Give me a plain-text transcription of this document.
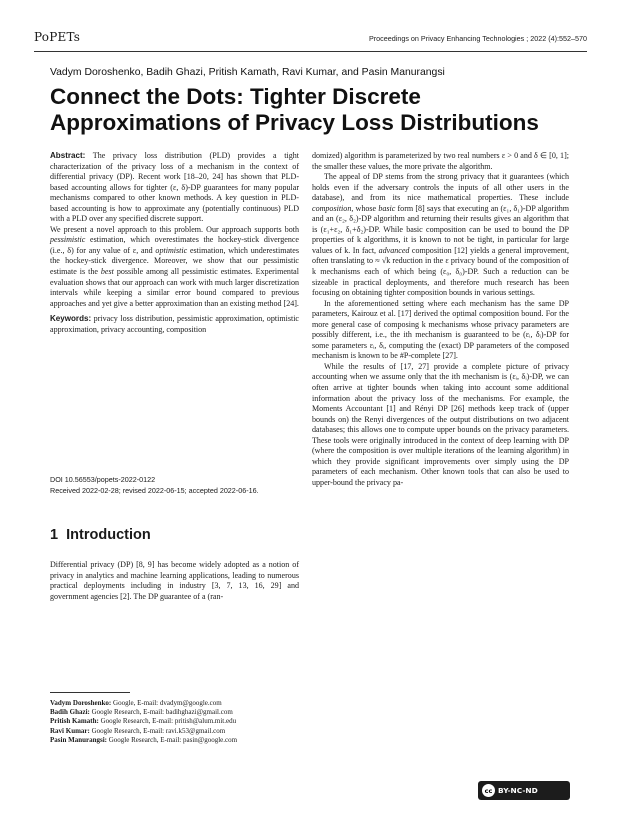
PoPETs	Proceedings on Privacy Enhancing Technologies ; 2022 (4):552–570
Vadym Doroshenko, Badih Ghazi, Pritish Kamath, Ravi Kumar, and Pasin Manurangsi
Connect the Dots: Tighter Discrete Approximations of Privacy Loss Distributions

Abstract: The privacy loss distribution (PLD) provides a tight characterization of the privacy loss of a mechanism in the context of differential privacy (DP). Recent work [18–20, 24] has shown that PLD-based accounting allows for tighter (ε, δ)-DP guarantees for many popular mechanisms compared to other known methods. A key question in PLD-based accounting is how to approximate any (potentially continuous) PLD with a PLD over any specified discrete support.

We present a novel approach to this problem. Our approach supports both pessimistic estimation, which overestimates the hockey-stick divergence (i.e., δ) for any value of ε, and optimistic estimation, which underestimates the hockey-stick divergence. Moreover, we show that our pessimistic estimate is the best possible among all pessimistic estimates. Experimental evaluation shows that our approach can work with much larger discretization intervals while keeping a similar error bound compared to previous approaches and yet give a better approximation than an existing method [24].

Keywords: privacy loss distribution, pessimistic approximation, optimistic approximation, privacy accounting, composition

DOI 10.56553/popets-2022-0122
Received 2022-02-28; revised 2022-06-15; accepted 2022-06-16.
1 Introduction
Differential privacy (DP) [8, 9] has become widely adopted as a notion of privacy in analytics and machine learning applications, leading to numerous practical deployments including in industry [3, 7, 13, 16, 29] and government agencies [2]. The DP guarantee of a (ran-
Vadym Doroshenko: Google, E-mail: dvadym@google.com
Badih Ghazi: Google Research, E-mail: badihghazi@gmail.com
Pritish Kamath: Google Research, E-mail: pritish@alum.mit.edu
Ravi Kumar: Google Research, E-mail: ravi.k53@gmail.com
Pasin Manurangsi: Google Research, E-mail: pasin@google.com

domized) algorithm is parameterized by two real numbers ε > 0 and δ ∈ [0, 1]; the smaller these values, the more private the algorithm.

The appeal of DP stems from the strong privacy that it guarantees (which holds even if the adversary controls the inputs of all other users in the database), and from its nice mathematical properties. These include composition, whose basic form [8] says that executing an (ε₁, δ₁)-DP algorithm and an (ε₂, δ₂)-DP algorithm and returning their results gives an algorithm that is (ε₁+ε₂, δ₁+δ₂)-DP. While basic composition can be used to bound the DP properties of k algorithms, it is known to not be tight, in particular for large values of k. In fact, advanced composition [12] yields a general improvement, often translating to ≈ √k reduction in the ε privacy bound of the composition of k mechanisms each of which being (ε₀, δ₀)-DP. Such a reduction can be sizeable in practical deployments, and therefore much research has been focusing on obtaining tighter composition bounds in various settings.

In the aforementioned setting where each mechanism has the same DP parameters, Kairouz et al. [17] derived the optimal composition bound. For the more general case of composing k mechanisms whose privacy parameters are possibly different, i.e., the ith mechanism is guaranteed to be (εᵢ, δᵢ)-DP for some parameters εᵢ, δᵢ, computing the (exact) DP parameters of the composed mechanism is known to be #P-complete [27].

While the results of [17, 27] provide a complete picture of privacy accounting when we assume only that the ith mechanism is (εᵢ, δᵢ)-DP, we can often arrive at tighter bounds when taking into account some additional information about the privacy loss of the mechanisms. For example, the Moments Accountant [1] and Rényi DP [26] methods keep track of (upper bounds on) the Renyi divergences of the output distributions on two adjacent databases; this allows one to compute upper bounds on the privacy parameters. These tools were originally introduced in the context of deep learning with DP (where the composition is over multiple iterations of the learning algorithm) in which they provide significant improvements over simply using the DP parameters of each mechanism. Other known tools that can also be used to upper-bound the privacy pa-

cc BY-NC-ND
